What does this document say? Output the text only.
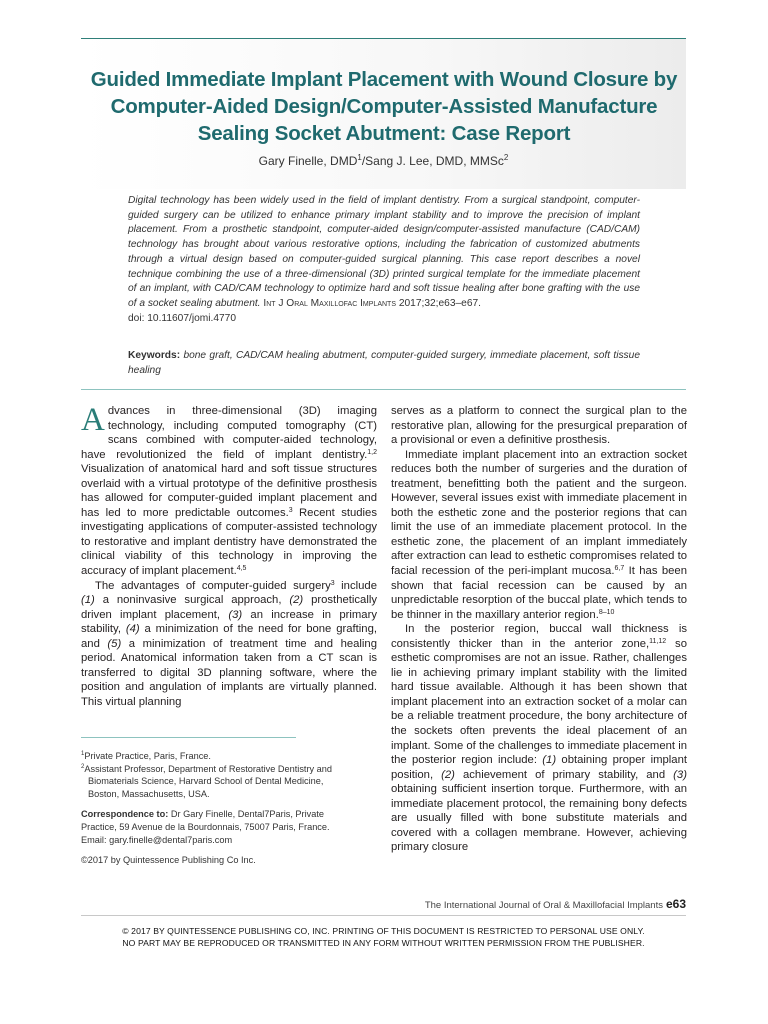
Guided Immediate Implant Placement with Wound Closure by Computer-Aided Design/Computer-Assisted Manufacture Sealing Socket Abutment: Case Report
Gary Finelle, DMD$^1$/Sang J. Lee, DMD, MMSc$^2$

Digital technology has been widely used in the field of implant dentistry. From a surgical standpoint, computer-guided surgery can be utilized to enhance primary implant stability and to improve the precision of implant placement. From a prosthetic standpoint, computer-aided design/computer-assisted manufacture (CAD/CAM) technology has brought about various restorative options, including the fabrication of customized abutments through a virtual design based on computer-guided surgical planning. This case report describes a novel technique combining the use of a three-dimensional (3D) printed surgical template for the immediate placement of an implant, with CAD/CAM technology to optimize hard and soft tissue healing after bone grafting with the use of a socket sealing abutment. Int J Oral Maxillofac Implants 2017;32;e63–e67.
doi: 10.11607/jomi.4770

Keywords: bone graft, CAD/CAM healing abutment, computer-guided surgery, immediate placement, soft tissue healing

Advances in three-dimensional (3D) imaging technology, including computed tomography (CT) scans combined with computer-aided technology, have revolutionized the field of implant dentistry.$^{1,2}$ Visualization of anatomical hard and soft tissue structures overlaid with a virtual prototype of the definitive prosthesis has allowed for computer-guided implant placement and has led to more predictable outcomes.$^3$ Recent studies investigating applications of computer-assisted technology to restorative and implant dentistry have demonstrated the clinical viability of this technology in improving the accuracy of implant placement.$^{4,5}$

The advantages of computer-guided surgery$^3$ include (1) a noninvasive surgical approach, (2) prosthetically driven implant placement, (3) an increase in primary stability, (4) a minimization of the need for bone grafting, and (5) a minimization of treatment time and healing period. Anatomical information taken from a CT scan is transferred to digital 3D planning software, where the position and angulation of implants are virtually planned. This virtual planning

serves as a platform to connect the surgical plan to the restorative plan, allowing for the presurgical preparation of a provisional or even a definitive prosthesis.

Immediate implant placement into an extraction socket reduces both the number of surgeries and the duration of treatment, benefitting both the patient and the surgeon. However, several issues exist with immediate placement in both the esthetic zone and the posterior regions that can limit the use of an immediate placement protocol. In the esthetic zone, the placement of an implant immediately after extraction can lead to esthetic compromises related to facial recession of the peri-implant mucosa.$^{6,7}$ It has been shown that facial recession can be caused by an unpredictable resorption of the buccal plate, which tends to be thinner in the maxillary anterior region.$^{8-10}$

In the posterior region, buccal wall thickness is consistently thicker than in the anterior zone,$^{11,12}$ so esthetic compromises are not an issue. Rather, challenges lie in achieving primary implant stability with the limited hard tissue available. Although it has been shown that implant placement into an extraction socket of a molar can be a reliable treatment procedure, the bony architecture of the sockets often prevents the ideal placement of an implant. Some of the challenges to immediate placement in the posterior region include: (1) obtaining proper implant position, (2) achievement of primary stability, and (3) obtaining sufficient insertion torque. Furthermore, with an immediate placement protocol, the remaining bony defects are usually filled with bone substitute materials and covered with a collagen membrane. However, achieving primary closure

$^1$Private Practice, Paris, France.

$^2$Assistant Professor, Department of Restorative Dentistry and

Biomaterials Science, Harvard School of Dental Medicine,

Boston, Massachusetts, USA.

Correspondence to: Dr Gary Finelle, Dental7Paris, Private

Practice, 59 Avenue de la Bourdonnais, 75007 Paris, France.

Email: gary.finelle@dental7paris.com

©2017 by Quintessence Publishing Co Inc.

The International Journal of Oral & Maxillofacial Implants e63
© 2017 BY QUINTESSENCE PUBLISHING CO, INC. PRINTING OF THIS DOCUMENT IS RESTRICTED TO PERSONAL USE ONLY.
NO PART MAY BE REPRODUCED OR TRANSMITTED IN ANY FORM WITHOUT WRITTEN PERMISSION FROM THE PUBLISHER.
